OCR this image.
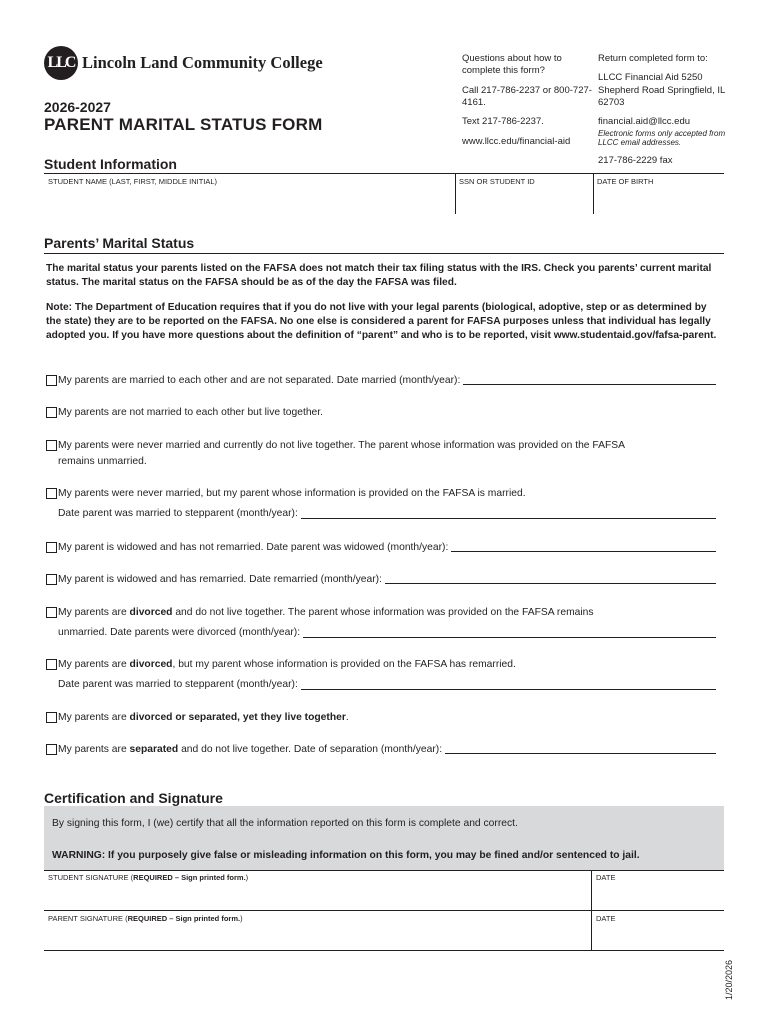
LLC Lincoln Land Community College
2026-2027
PARENT MARITAL STATUS FORM

Questions about how to complete this form?

Call 217-786-2237 or 800-727-4161.

Text 217-786-2237.

www.llcc.edu/financial-aid

Return completed form to:

LLCC Financial Aid 5250 Shepherd Road Springfield, IL 62703

financial.aid@llcc.edu

Electronic forms only accepted from LLCC email addresses.

217-786-2229 fax

Student Information
STUDENT NAME (LAST, FIRST, MIDDLE INITIAL)	SSN OR STUDENT ID	DATE OF BIRTH
Parents’ Marital Status
The marital status your parents listed on the FAFSA does not match their tax filing status with the IRS. Check you parents’ current marital status. The marital status on the FAFSA should be as of the day the FAFSA was filed.
Note: The Department of Education requires that if you do not live with your legal parents (biological, adoptive, step or as determined by the state) they are to be reported on the FAFSA. No one else is considered a parent for FAFSA purposes unless that individual has legally adopted you. If you have more questions about the definition of “parent” and who is to be reported, visit www.studentaid.gov/fafsa-parent.
My parents are married to each other and are not separated. Date married (month/year):
My parents are not married to each other but live together.
My parents were never married and currently do not live together. The parent whose information was provided on the FAFSA
remains unmarried.
My parents were never married, but my parent whose information is provided on the FAFSA is married.
Date parent was married to stepparent (month/year):
My parent is widowed and has not remarried. Date parent was widowed (month/year):
My parent is widowed and has remarried. Date remarried (month/year):
My parents are divorced and do not live together. The parent whose information was provided on the FAFSA remains
unmarried. Date parents were divorced (month/year):
My parents are divorced , but my parent whose information is provided on the FAFSA has remarried.
Date parent was married to stepparent (month/year):
My parents are divorced or separated, yet they live together .
My parents are separated and do not live together. Date of separation (month/year):
Certification and Signature
By signing this form, I (we) certify that all the information reported on this form is complete and correct.
WARNING: If you purposely give false or misleading information on this form, you may be fined and/or sentenced to jail.
STUDENT SIGNATURE (REQUIRED – Sign printed form.)	DATE
PARENT SIGNATURE (REQUIRED – Sign printed form.)	DATE
1/20/2026
